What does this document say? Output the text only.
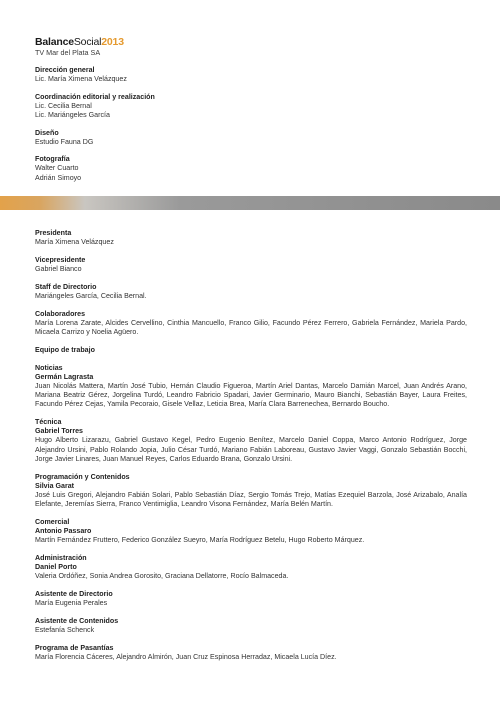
BalanceSocial2013
TV Mar del Plata SA
Dirección general
Lic. María Ximena Velázquez
Coordinación editorial y realización
Lic. Cecilia Bernal
Lic. Mariángeles García
Diseño
Estudio Fauna DG
Fotografía
Walter Cuarto
Adrián Simoyo
Presidenta
María Ximena Velázquez
Vicepresidente
Gabriel Bianco
Staff de Directorio
Mariángeles García, Cecilia Bernal.
Colaboradores
María Lorena Zarate, Alcides Cervellino, Cinthia Mancuello, Franco Gilio, Facundo Pérez Ferrero, Gabriela Fernández, Mariela Pardo, Micaela Carrizo y Noelia Agüero.
Equipo de trabajo
Noticias
Germán Lagrasta
Juan Nicolás Mattera, Martín José Tubio, Hernán Claudio Figueroa, Martín Ariel Dantas, Marcelo Damián Marcel, Juan Andrés Arano, Mariana Beatriz Gérez, Jorgelina Turdó, Leandro Fabricio Spadari, Javier Germinario, Mauro Bianchi, Sebastián Bayer, Laura Freites, Facundo Pérez Cejas, Yamila Pecoraio, Gisele Vellaz, Leticia Brea, María Clara Barrenechea, Bernardo Boucho.
Técnica
Gabriel Torres
Hugo Alberto Lizarazu, Gabriel Gustavo Kegel, Pedro Eugenio Benítez, Marcelo Daniel Coppa, Marco Antonio Rodríguez, Jorge Alejandro Ursini, Pablo Rolando Jopia, Julio César Turdó, Mariano Fabián Laboreau, Gustavo Javier Vaggi, Gonzalo Sebastián Bocchi, Jorge Javier Linares, Juan Manuel Reyes, Carlos Eduardo Brana, Gonzalo Ursini.
Programación y Contenidos
Silvia Garat
José Luis Gregori, Alejandro Fabián Solari, Pablo Sebastián Díaz, Sergio Tomás Trejo, Matías Ezequiel Barzola, José Arizabalo, Analía Elefante, Jeremías Sierra, Franco Ventimiglia, Leandro Visona Fernández, María Belén Martín.
Comercial
Antonio Passaro
Martín Fernández Fruttero, Federico González Sueyro, María Rodríguez Betelu, Hugo Roberto Márquez.
Administración
Daniel Porto
Valeria Ordóñez, Sonia Andrea Gorosito, Graciana Dellatorre, Rocío Balmaceda.
Asistente de Directorio
María Eugenia Perales
Asistente de Contenidos
Estefanía Schenck
Programa de Pasantías
María Florencia Cáceres, Alejandro Almirón, Juan Cruz Espinosa Herradaz, Micaela Lucía Díez.
